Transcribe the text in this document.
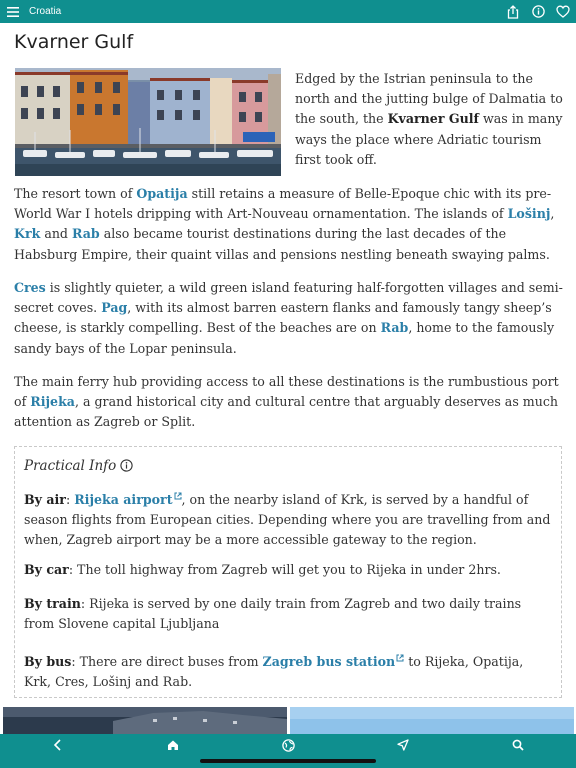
Croatia
Kvarner Gulf

Edged by the Istrian peninsula to the north and the jutting bulge of Dalmatia to the south, the Kvarner Gulf was in many ways the place where Adriatic tourism first took off.

The resort town of Opatija still retains a measure of Belle-Epoque chic with its pre-World War I hotels dripping with Art-Nouveau ornamentation. The islands of Lošinj, Krk and Rab also became tourist destinations during the last decades of the Habsburg Empire, their quaint villas and pensions nestling beneath swaying palms.

Cres is slightly quieter, a wild green island featuring half-forgotten villages and semi-secret coves. Pag, with its almost barren eastern flanks and famously tangy sheep’s cheese, is starkly compelling. Best of the beaches are on Rab, home to the famously sandy bays of the Lopar peninsula.

The main ferry hub providing access to all these destinations is the rumbustious port of Rijeka, a grand historical city and cultural centre that arguably deserves as much attention as Zagreb or Split.

Practical Info

By air: Rijeka airport , on the nearby island of Krk, is served by a handful of season flights from European cities. Depending where you are travelling from and when, Zagreb airport may be a more accessible gateway to the region.

By car: The toll highway from Zagreb will get you to Rijeka in under 2hrs.

By train: Rijeka is served by one daily train from Zagreb and two daily trains from Slovene capital Ljubljana

By bus: There are direct buses from Zagreb bus station to Rijeka, Opatija, Krk, Cres, Lošinj and Rab.
